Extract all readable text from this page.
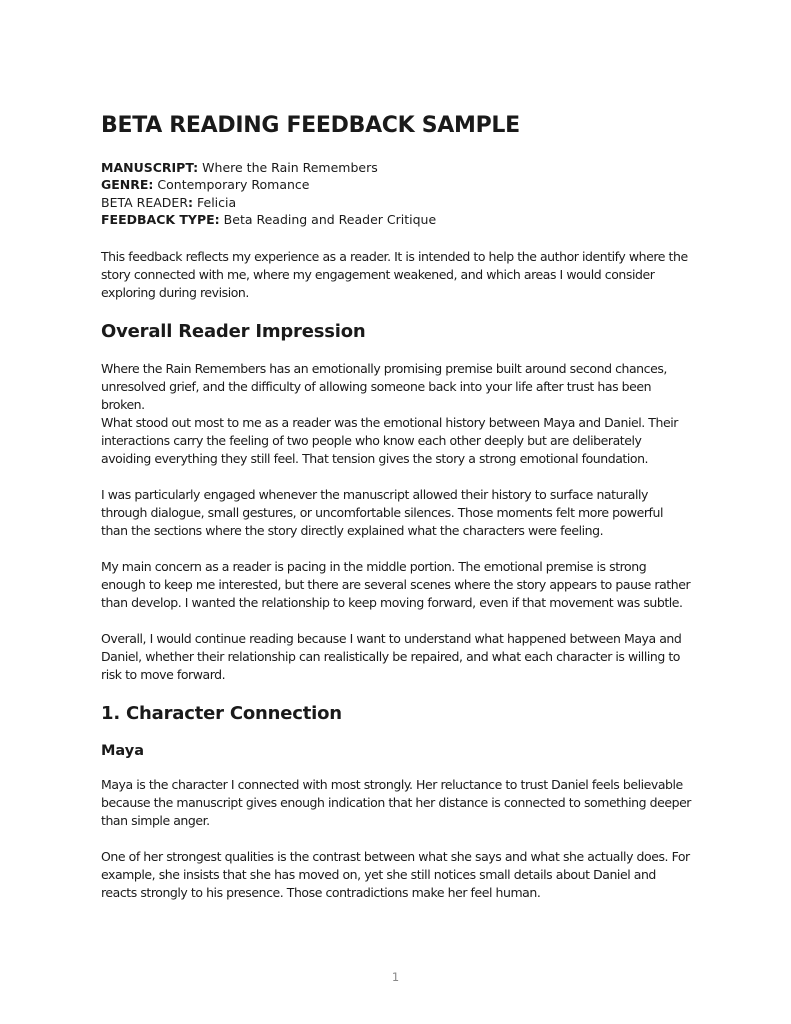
BETA READING FEEDBACK SAMPLE
MANUSCRIPT: Where the Rain Remembers
GENRE: Contemporary Romance
BETA READER: Felicia
FEEDBACK TYPE: Beta Reading and Reader Critique

This feedback reflects my experience as a reader. It is intended to help the author identify where the story connected with me, where my engagement weakened, and which areas I would consider exploring during revision.

Overall Reader Impression

Where the Rain Remembers has an emotionally promising premise built around second chances, unresolved grief, and the difficulty of allowing someone back into your life after trust has been broken.

What stood out most to me as a reader was the emotional history between Maya and Daniel. Their interactions carry the feeling of two people who know each other deeply but are deliberately avoiding everything they still feel. That tension gives the story a strong emotional foundation.

I was particularly engaged whenever the manuscript allowed their history to surface naturally through dialogue, small gestures, or uncomfortable silences. Those moments felt more powerful than the sections where the story directly explained what the characters were feeling.

My main concern as a reader is pacing in the middle portion. The emotional premise is strong enough to keep me interested, but there are several scenes where the story appears to pause rather than develop. I wanted the relationship to keep moving forward, even if that movement was subtle.

Overall, I would continue reading because I want to understand what happened between Maya and Daniel, whether their relationship can realistically be repaired, and what each character is willing to risk to move forward.

1. Character Connection
Maya

Maya is the character I connected with most strongly. Her reluctance to trust Daniel feels believable because the manuscript gives enough indication that her distance is connected to something deeper than simple anger.

One of her strongest qualities is the contrast between what she says and what she actually does. For example, she insists that she has moved on, yet she still notices small details about Daniel and reacts strongly to his presence. Those contradictions make her feel human.

1
